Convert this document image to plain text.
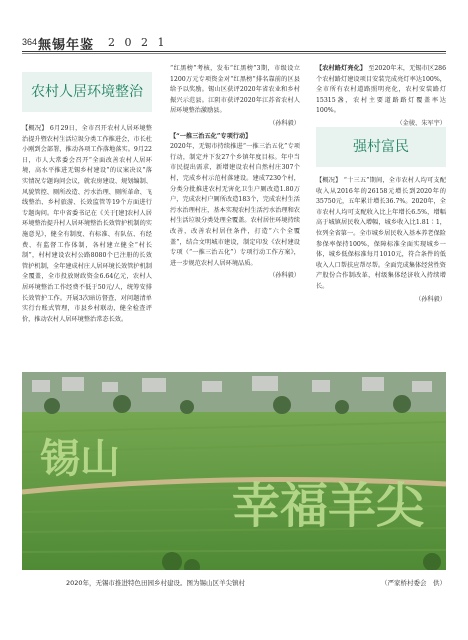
364 無锡年鉴 2 0 2 1
农村人居环境整治

【概况】 6月29日，全市召开农村人居环境整治提升暨农村生活垃圾分类工作推进会，市长杜小刚到会部署，推动各项工作落地落实。9月22日，市人大常委会召开“全面改善农村人居环境，高水平推进无锡乡村建设”的议案决议”落实情况专题询问会议，就农房建设、规划编制、风貌管控、厕所改造、污水治理、厕所革命、飞线整治、乡村旅游、长效监管等19个方面进行专题询问。年中省委书记在《关于[建]农村人居环境整治提升村人居环境整治长效管护机制的实施意见》，健全有制度、有标准、有队伍、有经费、有监督工作体制，各村建立健全“村长制”，村村建设农村公路8080个已注册的长效管护机制，全年建成村庄人居环境长效管护机制全覆盖，全市投放财政资金6.64亿元，农村人居环境整治工作经费不低于50元/人，统筹安排长效管护工作。开展3次暗访督查，对问题清单实行台账式管理，市县乡村联动，健全检查评价，推动农村人居环境整治常态长效。

“红黑榜”考核，发布“红黑榜”3期，市级设立1200万元专项资金对“红黑榜”排名靠前的区县给予以奖励。锡山区获评2020年省农业和乡村振兴示范县。江阴市获评2020年江苏省农村人居环境整治激励县。

（孙科毅）
【“一推三治五化”专项行动】

2020年，无锡市持续推进“一推三治五化”专项行动，制定并下发27个乡镇年度目标。年中当市民提出需求，新增建设农村自然村庄307个村，完成乡村示范村落建设。建成7230个村，分类分批推进农村无害化卫生户厕改造1.80万户，完成农村户厕所改造183个，完成农村生活污水治理村庄，基本实现农村生活污水治理和农村生活垃圾分类处理全覆盖。农村居住环境持续改善，改善农村居住条件，打造“六个全覆盖”，结合文明城市建设，制定印发《农村建设专项（“一推三治五化”）专项行动工作方案》，进一步规范农村人居环境品质。

（孙科毅）
【农村路灯亮化】 至2020年末，无锡市区286个农村路灯建设项目安装完成亮灯率达100%，全市所有农村道路照明亮化，农村安装路灯15315盏，农村主要道路路灯覆盖率达100%。
（金骏、朱军宇）
强村富民

【概况】 “十三五”期间，全市农村人均可支配收入从2016年的26158元增长到2020年的35750元，五年累计增长36.7%。2020年，全市农村人均可支配收入比上年增长6.5%，增幅高于城镇居民收入增幅，城乡收入比1.81∶1，位列全省第一。全市城乡居民收入基本养老保险参保率保持100%，保障标准全面实现城乡一体，城乡低保标准每月1010元，符合条件的低收入人口帮扶应帮尽帮。全面完成集体经营性资产股份合作制改革，村级集体经济收入持续增长。

（孙科毅）
锡山
幸福羊尖
2020年，无锡市推进特色田园乡村建设。图为锡山区羊尖镇村	（严家桥村委会　供）
